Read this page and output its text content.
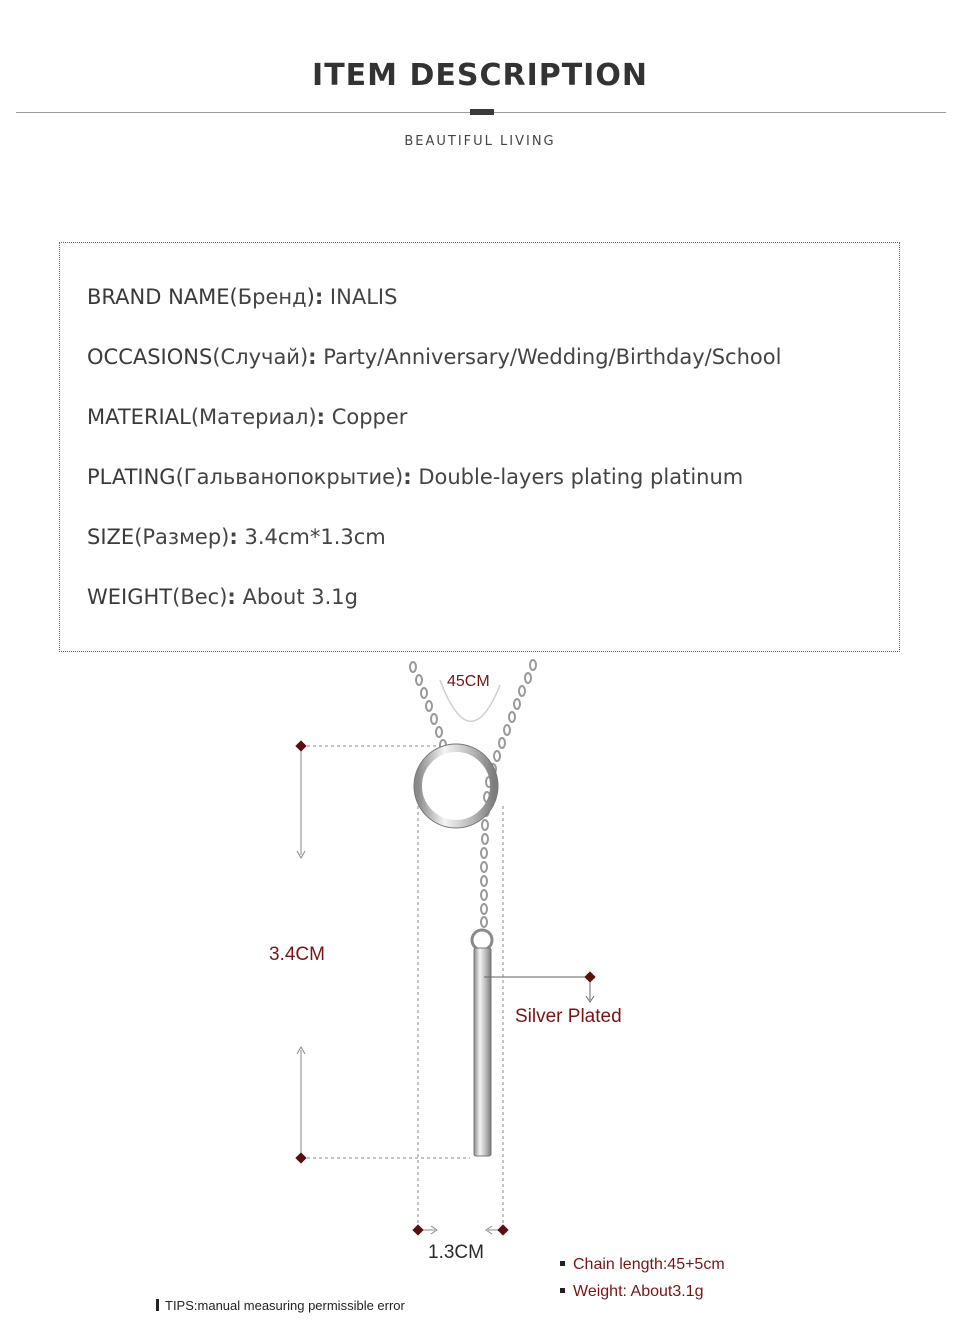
ITEM DESCRIPTION
BEAUTIFUL LIVING
BRAND NAME(Бренд): INALIS
OCCASIONS(Случай): Party/Anniversary/Wedding/Birthday/School
MATERIAL(Материал): Copper
PLATING(Гальванопокрытие): Double-layers plating platinum
SIZE(Размер): 3.4cm*1.3cm
WEIGHT(Вес): About 3.1g
45CM
3.4CM
Silver Plated
1.3CM
Chain length:45+5cm
Weight: About3.1g
TIPS:manual measuring permissible error
